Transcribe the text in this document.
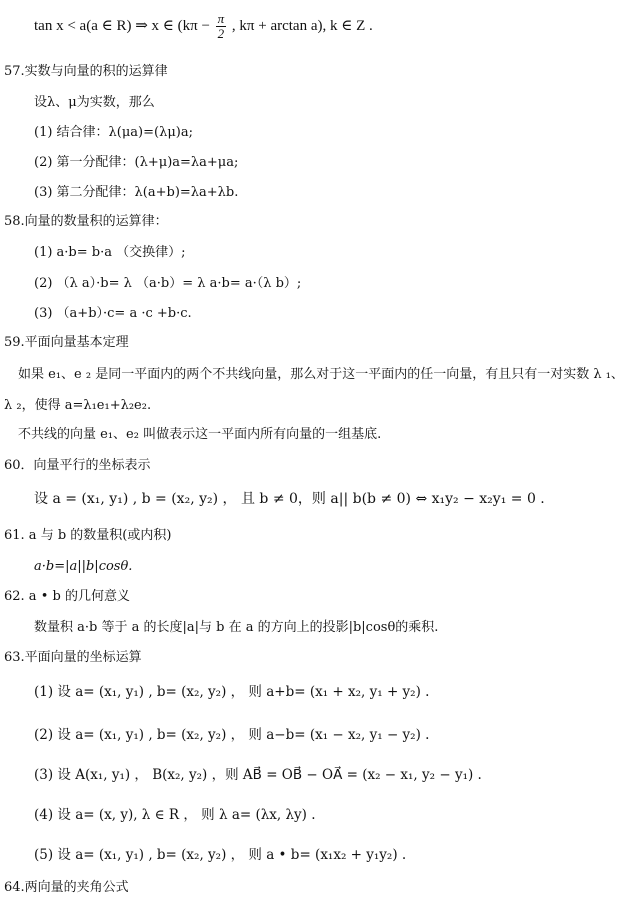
tan x < a(a ∈ R) ⇒ x ∈ ($k\pi - \frac{\pi}{2}$ , kπ + arctan a), k ∈ Z .
57.实数与向量的积的运算律
设λ、μ为实数，那么
(1) 结合律：λ(μa)=(λμ)a;
(2) 第一分配律：(λ+μ)a=λa+μa;
(3) 第二分配律：λ(a+b)=λa+λb.
58.向量的数量积的运算律：
(1) a·b= b·a （交换律）;
(2) （λ a）·b= λ （a·b）= λ a·b= a·（λ b）;
(3) （a+b）·c= a ·c +b·c.
59.平面向量基本定理
如果 e₁、e ₂ 是同一平面内的两个不共线向量，那么对于这一平面内的任一向量，有且只有一对实数 λ ₁、
λ ₂，使得 a=λ₁e₁+λ₂e₂.
不共线的向量 e₁、e₂ 叫做表示这一平面内所有向量的一组基底.
60．向量平行的坐标表示
设 a = (x₁, y₁) , b = (x₂, y₂) ， 且 b ≠ 0，则 a|| b(b ≠ 0) ⇔ x₁y₂ − x₂y₁ = 0 .
61. a 与 b 的数量积(或内积)
a·b=|a||b|cosθ.
62. a • b 的几何意义
数量积 a·b 等于 a 的长度|a|与 b 在 a 的方向上的投影|b|cosθ的乘积.
63.平面向量的坐标运算
(1) 设 a= (x₁, y₁) , b= (x₂, y₂) ， 则 a+b= (x₁ + x₂, y₁ + y₂) .
(2) 设 a= (x₁, y₁) , b= (x₂, y₂) ， 则 a−b= (x₁ − x₂, y₁ − y₂) .
(3) 设 A(x₁, y₁) ， B(x₂, y₂) ，则 AB⃗ = OB⃗ − OA⃗ = (x₂ − x₁, y₂ − y₁) .
(4) 设 a= (x, y), λ ∈ R ， 则 λ a= (λx, λy) .
(5) 设 a= (x₁, y₁) , b= (x₂, y₂) ， 则 a • b= (x₁x₂ + y₁y₂) .
64.两向量的夹角公式
